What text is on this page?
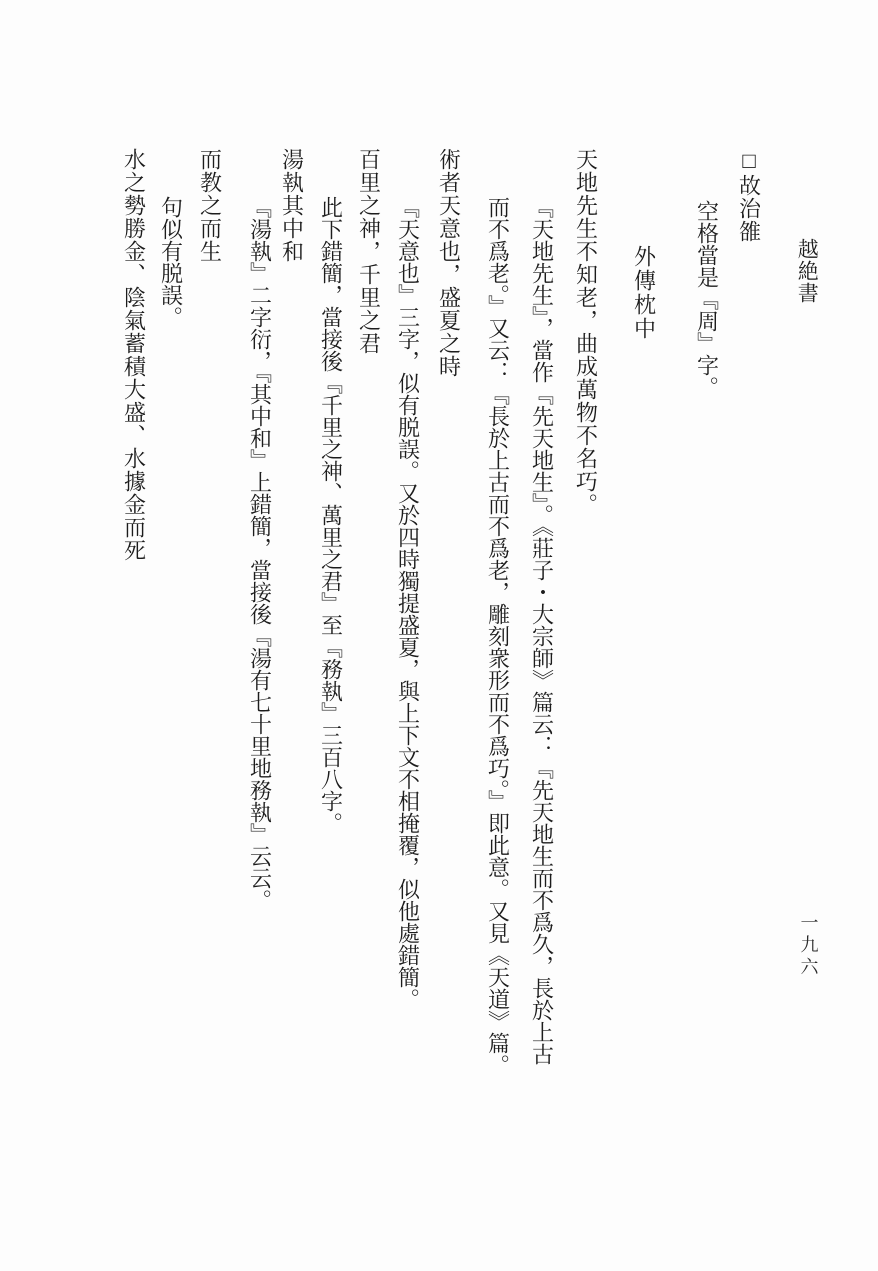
越絶書
□故治雒
空格當是『周』字。
外傳枕中
天地先生不知老，曲成萬物不名巧。
『天地先生』，當作『先天地生』。《莊子・大宗師》篇云：『先天地生而不爲久，長於上古
而不爲老。』又云：『長於上古而不爲老，雕刻衆形而不爲巧。』即此意。又見《天道》篇。
術者天意也，盛夏之時
『天意也』三字，似有脱誤。又於四時獨提盛夏，與上下文不相掩覆，似他處錯簡。
百里之神，千里之君
此下錯簡，當接後『千里之神、萬里之君』至『務執』三百八字。
湯執其中和
『湯執』二字衍，『其中和』上錯簡，當接後『湯有七十里地務執』云云。
而教之而生
句似有脱誤。
水之勢勝金、陰氣蓄積大盛、水據金而死
一九六
